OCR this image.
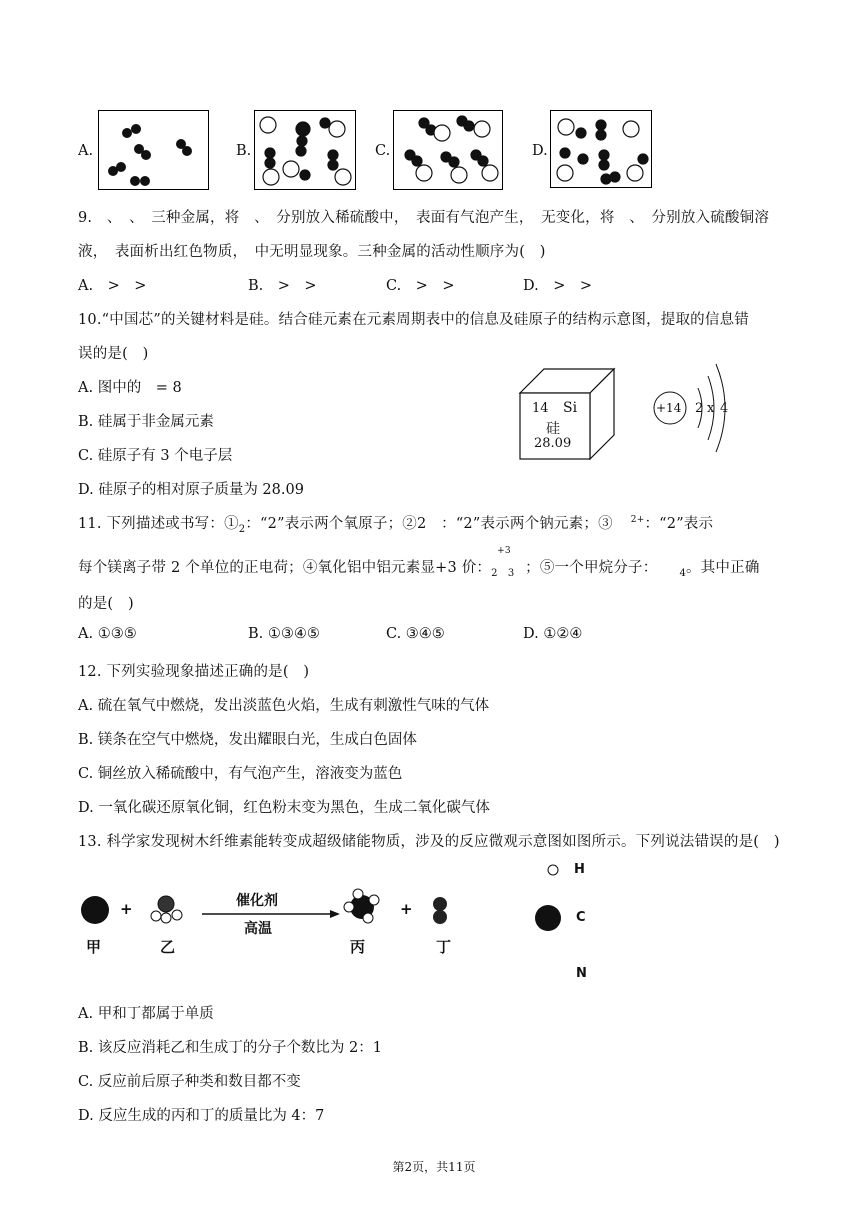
A.	B.	C.	D.
9.　、　、　三种金属，将　、　分别放入稀硫酸中，　表面有气泡产生，　无变化，将　、　分别放入硫酸铜溶
液，　表面析出红色物质，　中无明显现象。三种金属的活动性顺序为(　)
A.　>　>	B.　>　>	C.　>　>	D.　>　>
10.“中国芯”的关键材料是硅。结合硅元素在元素周期表中的信息及硅原子的结构示意图，提取的信息错
误的是(　)
A. 图中的　= 8
B. 硅属于非金属元素
C. 硅原子有 3 个电子层
D. 硅原子的相对原子质量为 28.09
14 Si
硅
28.09
+14 2 x 4
11. 下列描述或书写：$①_2$：“2”表示两个氧原子；②2　：“2”表示两个钠元素；③ $^{2+}$：“2”表示
每个镁离子带 2 个单位的正电荷；④氧化铝中铝元素显+3 价：
+3
$_{2 3}$ ；⑤一个甲烷分子： $_4$。其中正确
的是(　)
A. ①③⑤	B. ①③④⑤	C. ③④⑤	D. ①②④
12. 下列实验现象描述正确的是(　)
A. 硫在氧气中燃烧，发出淡蓝色火焰，生成有刺激性气味的气体
B. 镁条在空气中燃烧，发出耀眼白光，生成白色固体
C. 铜丝放入稀硫酸中，有气泡产生，溶液变为蓝色
D. 一氧化碳还原氧化铜，红色粉末变为黑色，生成二氧化碳气体
13. 科学家发现树木纤维素能转变成超级储能物质，涉及的反应微观示意图如图所示。下列说法错误的是(　)
+	+
催化剂
高温
甲	乙	丙	丁
H
C
N
A. 甲和丁都属于单质
B. 该反应消耗乙和生成丁的分子个数比为 2：1
C. 反应前后原子种类和数目都不变
D. 反应生成的丙和丁的质量比为 4：7
第2页，共11页
